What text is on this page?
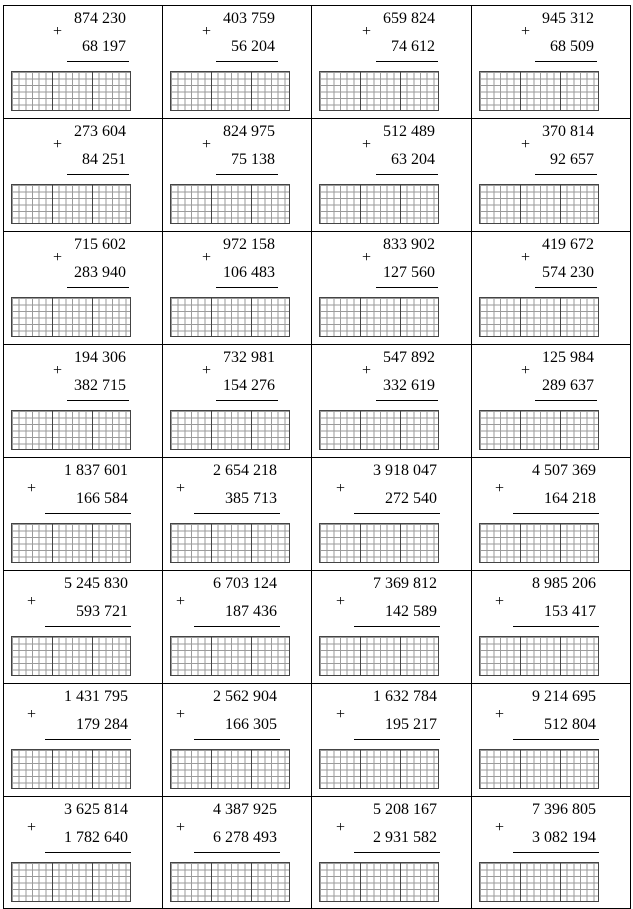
874 230
+
68 197
403 759
+
56 204
659 824
+
74 612
945 312
+
68 509
273 604
+
84 251
824 975
+
75 138
512 489
+
63 204
370 814
+
92 657
715 602
+
283 940
972 158
+
106 483
833 902
+
127 560
419 672
+
574 230
194 306
+
382 715
732 981
+
154 276
547 892
+
332 619
125 984
+
289 637
1 837 601
+
166 584
2 654 218
+
385 713
3 918 047
+
272 540
4 507 369
+
164 218
5 245 830
+
593 721
6 703 124
+
187 436
7 369 812
+
142 589
8 985 206
+
153 417
1 431 795
+
179 284
2 562 904
+
166 305
1 632 784
+
195 217
9 214 695
+
512 804
3 625 814
+
1 782 640
4 387 925
+
6 278 493
5 208 167
+
2 931 582
7 396 805
+
3 082 194
